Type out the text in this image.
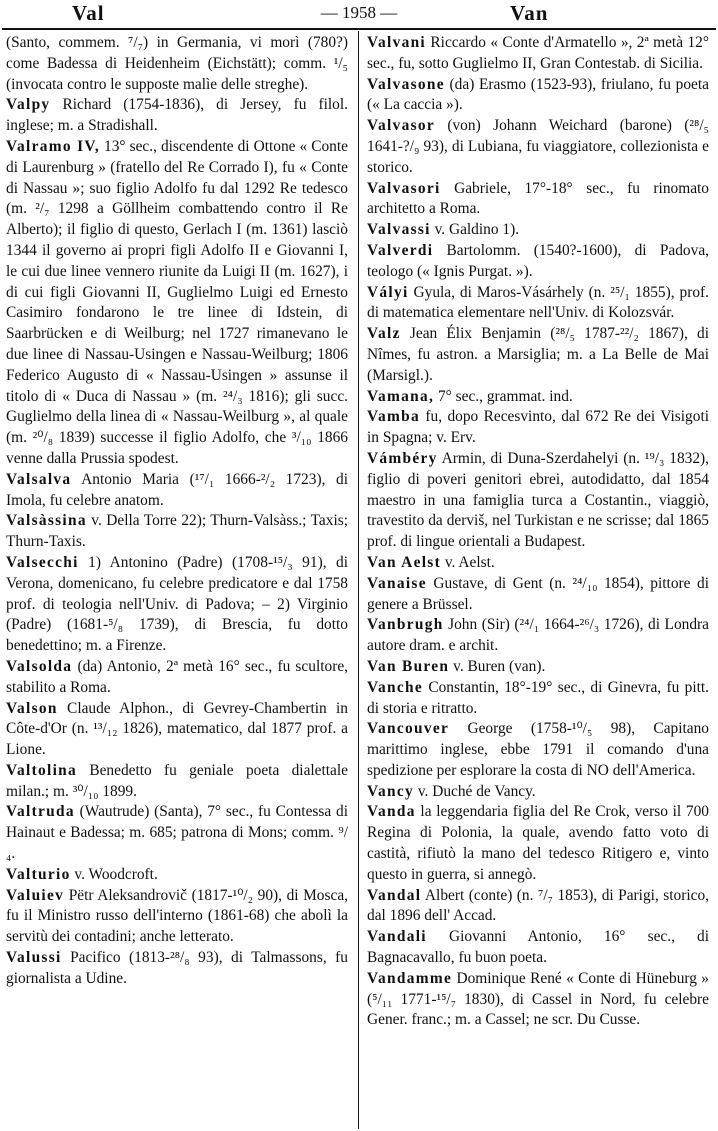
Val	— 1958 —	Van

(Santo, commem. ⁷/₇) in Germania, vi morì (780?) come Badessa di Heidenheim (Eichstätt); comm. ¹/₅ (invocata contro le supposte malìe delle streghe).

Valpy Richard (1754-1836), di Jersey, fu filol. inglese; m. a Stradishall.

Valramo IV, 13° sec., discendente di Ottone « Conte di Laurenburg » (fratello del Re Corrado I), fu « Conte di Nassau »; suo figlio Adolfo fu dal 1292 Re tedesco (m. ²/₇ 1298 a Göllheim combattendo contro il Re Alberto); il figlio di questo, Gerlach I (m. 1361) lasciò 1344 il governo ai propri figli Adolfo II e Giovanni I, le cui due linee vennero riunite da Luigi II (m. 1627), i di cui figli Giovanni II, Guglielmo Luigi ed Ernesto Casimiro fondarono le tre linee di Idstein, di Saarbrücken e di Weilburg; nel 1727 rimanevano le due linee di Nassau-Usingen e Nassau-Weilburg; 1806 Federico Augusto di « Nassau-Usingen » assunse il titolo di « Duca di Nassau » (m. ²⁴/₃ 1816); gli succ. Guglielmo della linea di « Nassau-Weilburg », al quale (m. ²⁰/₈ 1839) successe il figlio Adolfo, che ³/₁₀ 1866 venne dalla Prussia spodest.

Valsalva Antonio Maria (¹⁷/₁ 1666-²/₂ 1723), di Imola, fu celebre anatom.

Valsàssina v. Della Torre 22); Thurn-Valsàss.; Taxis; Thurn-Taxis.

Valsecchi 1) Antonino (Padre) (1708-¹⁵/₃ 91), di Verona, domenicano, fu celebre predicatore e dal 1758 prof. di teologia nell'Univ. di Padova; – 2) Virginio (Padre) (1681-⁵/₈ 1739), di Brescia, fu dotto benedettino; m. a Firenze.

Valsolda (da) Antonio, 2ª metà 16° sec., fu scultore, stabilito a Roma.

Valson Claude Alphon., di Gevrey-Chambertin in Côte-d'Or (n. ¹³/₁₂ 1826), matematico, dal 1877 prof. a Lione.

Valtolina Benedetto fu geniale poeta dialettale milan.; m. ³⁰/₁₀ 1899.

Valtruda (Wautrude) (Santa), 7° sec., fu Contessa di Hainaut e Badessa; m. 685; patrona di Mons; comm. ⁹/₄.

Valturio v. Woodcroft.

Valuiev Pëtr Aleksandrovič (1817-¹⁰/₂ 90), di Mosca, fu il Ministro russo dell'interno (1861-68) che abolì la servitù dei contadini; anche letterato.

Valussi Pacifico (1813-²⁸/₈ 93), di Talmassons, fu giornalista a Udine.

Valvani Riccardo « Conte d'Armatello », 2ª metà 12° sec., fu, sotto Guglielmo II, Gran Contestab. di Sicilia.

Valvasone (da) Erasmo (1523-93), friulano, fu poeta (« La caccia »).

Valvasor (von) Johann Weichard (barone) (²⁸/₅ 1641-?/₉ 93), di Lubiana, fu viaggiatore, collezionista e storico.

Valvasori Gabriele, 17°-18° sec., fu rinomato architetto a Roma.

Valvassi v. Galdino 1).

Valverdi Bartolomm. (1540?-1600), di Padova, teologo (« Ignis Purgat. »).

Vályi Gyula, di Maros-Vásárhely (n. ²⁵/₁ 1855), prof. di matematica elementare nell'Univ. di Kolozsvár.

Valz Jean Élix Benjamin (²⁸/₅ 1787-²²/₂ 1867), di Nîmes, fu astron. a Marsiglia; m. a La Belle de Mai (Marsigl.).

Vamana, 7° sec., grammat. ind.

Vamba fu, dopo Recesvinto, dal 672 Re dei Visigoti in Spagna; v. Erv.

Vámbéry Armin, di Duna-Szerdahelyi (n. ¹⁹/₃ 1832), figlio di poveri genitori ebrei, autodidatto, dal 1854 maestro in una famiglia turca a Costantin., viaggiò, travestito da derviš, nel Turkistan e ne scrisse; dal 1865 prof. di lingue orientali a Budapest.

Van Aelst v. Aelst.

Vanaise Gustave, di Gent (n. ²⁴/₁₀ 1854), pittore di genere a Brüssel.

Vanbrugh John (Sir) (²⁴/₁ 1664-²⁶/₃ 1726), di Londra autore dram. e archit.

Van Buren v. Buren (van).

Vanche Constantin, 18°-19° sec., di Ginevra, fu pitt. di storia e ritratto.

Vancouver George (1758-¹⁰/₅ 98), Capitano marittimo inglese, ebbe 1791 il comando d'una spedizione per esplorare la costa di NO dell'America.

Vancy v. Duché de Vancy.

Vanda la leggendaria figlia del Re Crok, verso il 700 Regina di Polonia, la quale, avendo fatto voto di castità, rifiutò la mano del tedesco Ritigero e, vinto questo in guerra, si annegò.

Vandal Albert (conte) (n. ⁷/₇ 1853), di Parigi, storico, dal 1896 dell' Accad.

Vandali Giovanni Antonio, 16° sec., di Bagnacavallo, fu buon poeta.

Vandamme Dominique René « Conte di Hüneburg » (⁵/₁₁ 1771-¹⁵/₇ 1830), di Cassel in Nord, fu celebre Gener. franc.; m. a Cassel; ne scr. Du Cusse.
